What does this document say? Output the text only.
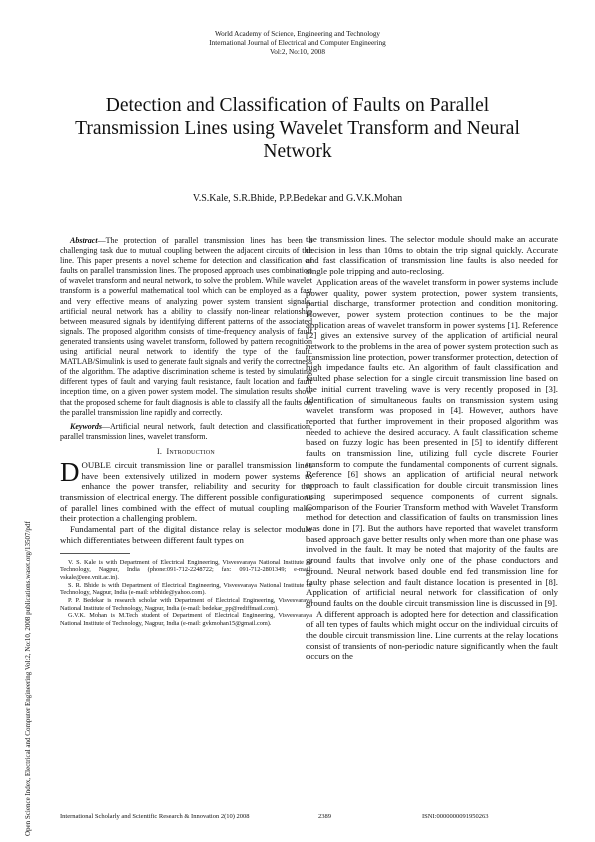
World Academy of Science, Engineering and Technology
International Journal of Electrical and Computer Engineering
Vol:2, No:10, 2008
Detection and Classification of Faults on Parallel Transmission Lines using Wavelet Transform and Neural Network
V.S.Kale, S.R.Bhide, P.P.Bedekar and G.V.K.Mohan
Open Science Index, Electrical and Computer Engineering Vol:2, No:10, 2008 publications.waset.org/13507/pdf

Abstract—The protection of parallel transmission lines has been a challenging task due to mutual coupling between the adjacent circuits of the line. This paper presents a novel scheme for detection and classification of faults on parallel transmission lines. The proposed approach uses combination of wavelet transform and neural network, to solve the problem. While wavelet transform is a powerful mathematical tool which can be employed as a fast and very effective means of analyzing power system transient signals, artificial neural network has a ability to classify non-linear relationship between measured signals by identifying different patterns of the associated signals. The proposed algorithm consists of time-frequency analysis of fault generated transients using wavelet transform, followed by pattern recognition using artificial neural network to identify the type of the fault. MATLAB/Simulink is used to generate fault signals and verify the correctness of the algorithm. The adaptive discrimination scheme is tested by simulating different types of fault and varying fault resistance, fault location and fault inception time, on a given power system model. The simulation results show that the proposed scheme for fault diagnosis is able to classify all the faults on the parallel transmission line rapidly and correctly.

Keywords—Artificial neural network, fault detection and classification, parallel transmission lines, wavelet transform.

I. Introduction

DOUBLE circuit transmission line or parallel transmission lines have been extensively utilized in modern power systems to enhance the power transfer, reliability and security for the transmission of electrical energy. The different possible configurations of parallel lines combined with the effect of mutual coupling make their protection a challenging problem.

Fundamental part of the digital distance relay is selector module which differentiates between different fault types on

V. S. Kale is with Department of Electrical Engineering, Visvesvaraya National Institute of Technology, Nagpur, India (phone:091-712-2248722; fax: 091-712-2801349; e-mail: vskale@eee.vnit.ac.in).

S. R. Bhide is with Department of Electrical Engineering, Visvesvaraya National Institute of Technology, Nagpur, India (e-mail: srbhide@yahoo.com).

P. P. Bedekar is research scholar with Department of Electrical Engineering, Visvesvaraya National Institute of Technology, Nagpur, India (e-mail: bedekar_pp@rediffmail.com).

G.V.K. Mohan is M.Tech student of Department of Electrical Engineering, Visvesvaraya National Institute of Technology, Nagpur, India (e-mail: gvkmohan15@gmail.com).

the transmission lines. The selector module should make an accurate decision in less than 10ms to obtain the trip signal quickly. Accurate and fast classification of transmission line faults is also needed for single pole tripping and auto-reclosing.

Application areas of the wavelet transform in power systems include power quality, power system protection, power system transients, partial discharge, transformer protection and condition monitoring. However, power system protection continues to be the major application areas of wavelet transform in power systems [1]. Reference [2] gives an extensive survey of the application of artificial neural network to the problems in the area of power system protection such as transmission line protection, power transformer protection, detection of high impedance faults etc. An algorithm of fault classification and faulted phase selection for a single circuit transmission line based on the initial current traveling wave is very recently proposed in [3]. Identification of simultaneous faults on transmission system using wavelet transform was proposed in [4]. However, authors have reported that further improvement in their proposed algorithm was needed to achieve the desired accuracy. A fault classification scheme based on fuzzy logic has been presented in [5] to identify different faults on transmission line, utilizing full cycle discrete Fourier transform to compute the fundamental components of current signals. Reference [6] shows an application of artificial neural network approach to fault classification for double circuit transmission lines using superimposed sequence components of current signals. Comparison of the Fourier Transform method with Wavelet Transform method for detection and classification of faults on transmission lines was done in [7]. But the authors have reported that wavelet transform based approach gave better results only when more than one phase was involved in the fault. It may be noted that majority of the faults are ground faults that involve only one of the phase conductors and ground. Neural network based double end fed transmission line for faulty phase selection and fault distance location is presented in [8]. Application of artificial neural network for classification of only ground faults on the double circuit transmission line is discussed in [9].

A different approach is adopted here for detection and classification of all ten types of faults which might occur on the individual circuits of the double circuit transmission line. Line currents at the relay locations consist of transients of non-periodic nature significantly when the fault occurs on the

International Scholarly and Scientific Research & Innovation 2(10) 2008	2389	ISNI:0000000091950263
